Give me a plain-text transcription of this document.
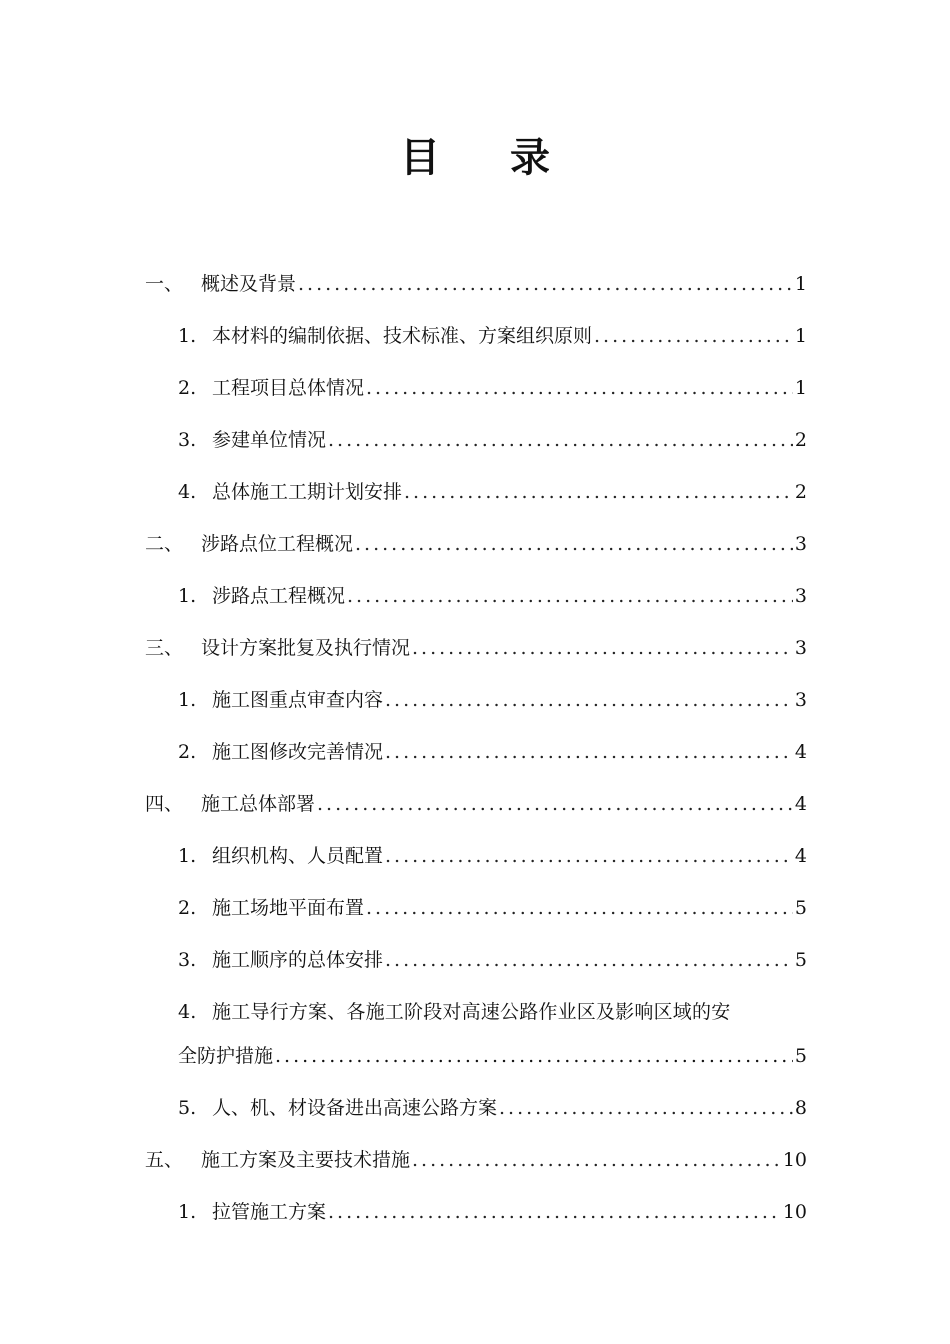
目 录
一、 概述及背景 .....	1
1. 本材料的编制依据、技术标准、方案组织原则 .....	1
2. 工程项目总体情况 .....	1
3. 参建单位情况 .....	2
4. 总体施工工期计划安排 .....	2
二、 涉路点位工程概况 .....	3
1. 涉路点工程概况 .....	3
三、 设计方案批复及执行情况 .....	3
1. 施工图重点审查内容 .....	3
2. 施工图修改完善情况 .....	4
四、 施工总体部署 .....	4
1. 组织机构、人员配置 .....	4
2. 施工场地平面布置 .....	5
3. 施工顺序的总体安排 .....	5
4. 施工导行方案、各施工阶段对高速公路作业区及影响区域的安
全防护措施 .....	5
5. 人、机、材设备进出高速公路方案 .....	8
五、 施工方案及主要技术措施 .....	10
1. 拉管施工方案 .....	10
